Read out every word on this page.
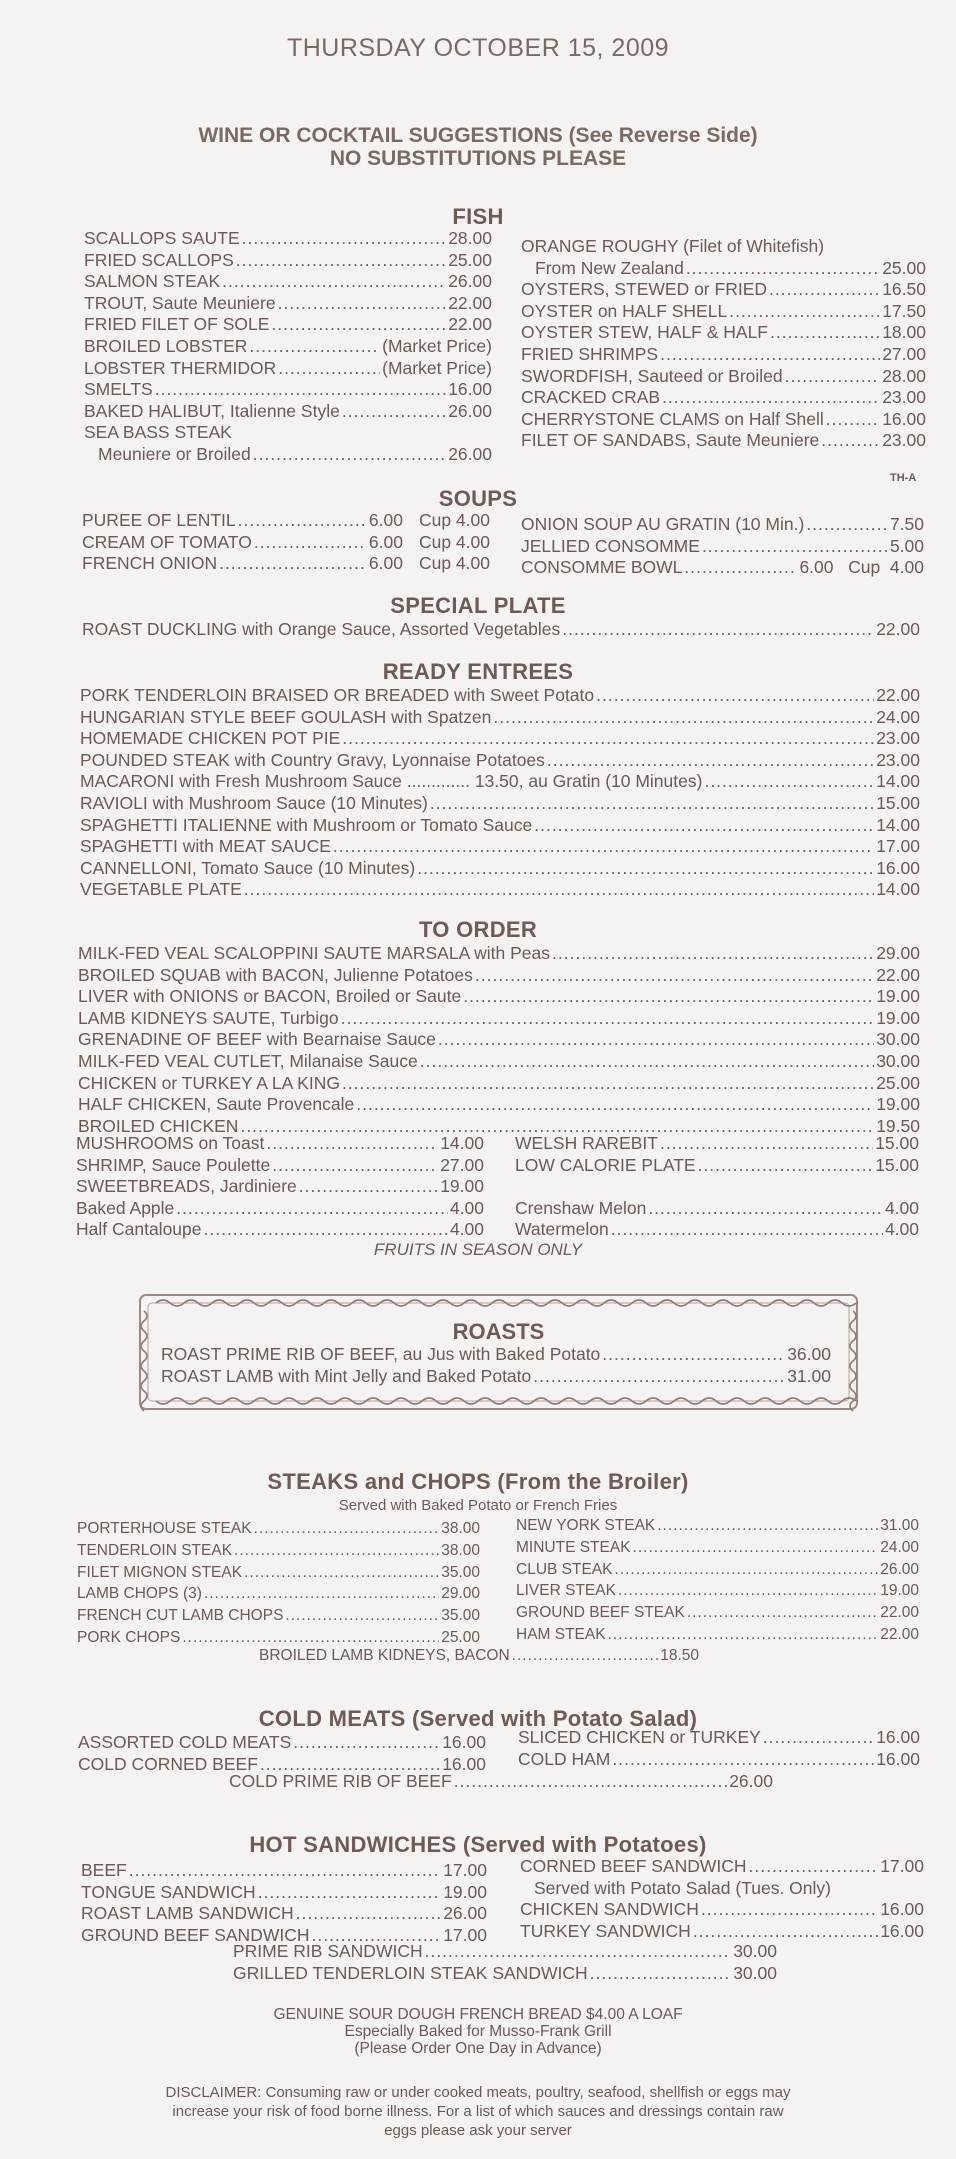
THURSDAY OCTOBER 15, 2009
WINE OR COCKTAIL SUGGESTIONS (See Reverse Side)
NO SUBSTITUTIONS PLEASE
FISH
SCALLOPS SAUTE .....	28.00
FRIED SCALLOPS .....	25.00
SALMON STEAK .....	26.00
TROUT, Saute Meuniere .....	22.00
FRIED FILET OF SOLE .....	22.00
BROILED LOBSTER .....	(Market Price)
LOBSTER THERMIDOR .....	(Market Price)
SMELTS .....	16.00
BAKED HALIBUT, Italienne Style .....	26.00
SEA BASS STEAK
Meuniere or Broiled .....	26.00
ORANGE ROUGHY (Filet of Whitefish)
From New Zealand .....	25.00
OYSTERS, STEWED or FRIED .....	16.50
OYSTER on HALF SHELL .....	17.50
OYSTER STEW, HALF & HALF .....	18.00
FRIED SHRIMPS .....	27.00
SWORDFISH, Sauteed or Broiled .....	28.00
CRACKED CRAB .....	23.00
CHERRYSTONE CLAMS on Half Shell .....	16.00
FILET OF SANDABS, Saute Meuniere .....	23.00
TH-A
SOUPS
PUREE OF LENTIL .....	6.00 Cup 4.00
CREAM OF TOMATO .....	6.00 Cup 4.00
FRENCH ONION .....	6.00 Cup 4.00
ONION SOUP AU GRATIN (10 Min.) .....	7.50
JELLIED CONSOMME .....	5.00
CONSOMME BOWL .....	6.00   Cup  4.00
SPECIAL PLATE
ROAST DUCKLING with Orange Sauce, Assorted Vegetables .....	22.00
READY ENTREES
PORK TENDERLOIN BRAISED OR BREADED with Sweet Potato .....	22.00
HUNGARIAN STYLE BEEF GOULASH with Spatzen .....	24.00
HOMEMADE CHICKEN POT PIE .....	23.00
POUNDED STEAK with Country Gravy, Lyonnaise Potatoes .....	23.00
MACARONI with Fresh Mushroom Sauce ............. 13.50, au Gratin (10 Minutes) .....	14.00
RAVIOLI with Mushroom Sauce (10 Minutes) .....	15.00
SPAGHETTI ITALIENNE with Mushroom or Tomato Sauce .....	14.00
SPAGHETTI with MEAT SAUCE .....	17.00
CANNELLONI, Tomato Sauce (10 Minutes) .....	16.00
VEGETABLE PLATE .....	14.00
TO ORDER
MILK-FED VEAL SCALOPPINI SAUTE MARSALA with Peas .....	29.00
BROILED SQUAB with BACON, Julienne Potatoes .....	22.00
LIVER with ONIONS or BACON, Broiled or Saute .....	19.00
LAMB KIDNEYS SAUTE, Turbigo .....	19.00
GRENADINE OF BEEF with Bearnaise Sauce .....	30.00
MILK-FED VEAL CUTLET, Milanaise Sauce .....	30.00
CHICKEN or TURKEY A LA KING .....	25.00
HALF CHICKEN, Saute Provencale .....	19.00
BROILED CHICKEN .....	19.50
MUSHROOMS on Toast .....	14.00
SHRIMP, Sauce Poulette .....	27.00
SWEETBREADS, Jardiniere .....	19.00
Baked Apple .....	4.00
Half Cantaloupe .....	4.00
WELSH RAREBIT .....	15.00
LOW CALORIE PLATE .....	15.00

Crenshaw Melon .....	4.00
Watermelon .....	4.00
FRUITS IN SEASON ONLY
ROASTS
ROAST PRIME RIB OF BEEF, au Jus with Baked Potato .....	36.00
ROAST LAMB with Mint Jelly and Baked Potato .....	31.00
STEAKS and CHOPS (From the Broiler)
Served with Baked Potato or French Fries
PORTERHOUSE STEAK .....	38.00
TENDERLOIN STEAK .....	38.00
FILET MIGNON STEAK .....	35.00
LAMB CHOPS (3) .....	29.00
FRENCH CUT LAMB CHOPS .....	35.00
PORK CHOPS .....	25.00
NEW YORK STEAK .....	31.00
MINUTE STEAK .....	24.00
CLUB STEAK .....	26.00
LIVER STEAK .....	19.00
GROUND BEEF STEAK .....	22.00
HAM STEAK .....	22.00
BROILED LAMB KIDNEYS, BACON .....	18.50
COLD MEATS (Served with Potato Salad)
ASSORTED COLD MEATS .....	16.00
COLD CORNED BEEF .....	16.00
SLICED CHICKEN or TURKEY .....	16.00
COLD HAM .....	16.00
COLD PRIME RIB OF BEEF .....	26.00
HOT SANDWICHES (Served with Potatoes)
BEEF .....	17.00
TONGUE SANDWICH .....	19.00
ROAST LAMB SANDWICH .....	26.00
GROUND BEEF SANDWICH .....	17.00
CORNED BEEF SANDWICH .....	17.00
Served with Potato Salad (Tues. Only)
CHICKEN SANDWICH .....	16.00
TURKEY SANDWICH .....	16.00
PRIME RIB SANDWICH .....	30.00
GRILLED TENDERLOIN STEAK SANDWICH .....	30.00
GENUINE SOUR DOUGH FRENCH BREAD $4.00 A LOAF
Especially Baked for Musso-Frank Grill
(Please Order One Day in Advance)
DISCLAIMER: Consuming raw or under cooked meats, poultry, seafood, shellfish or eggs may
increase your risk of food borne illness. For a list of which sauces and dressings contain raw
eggs please ask your server
